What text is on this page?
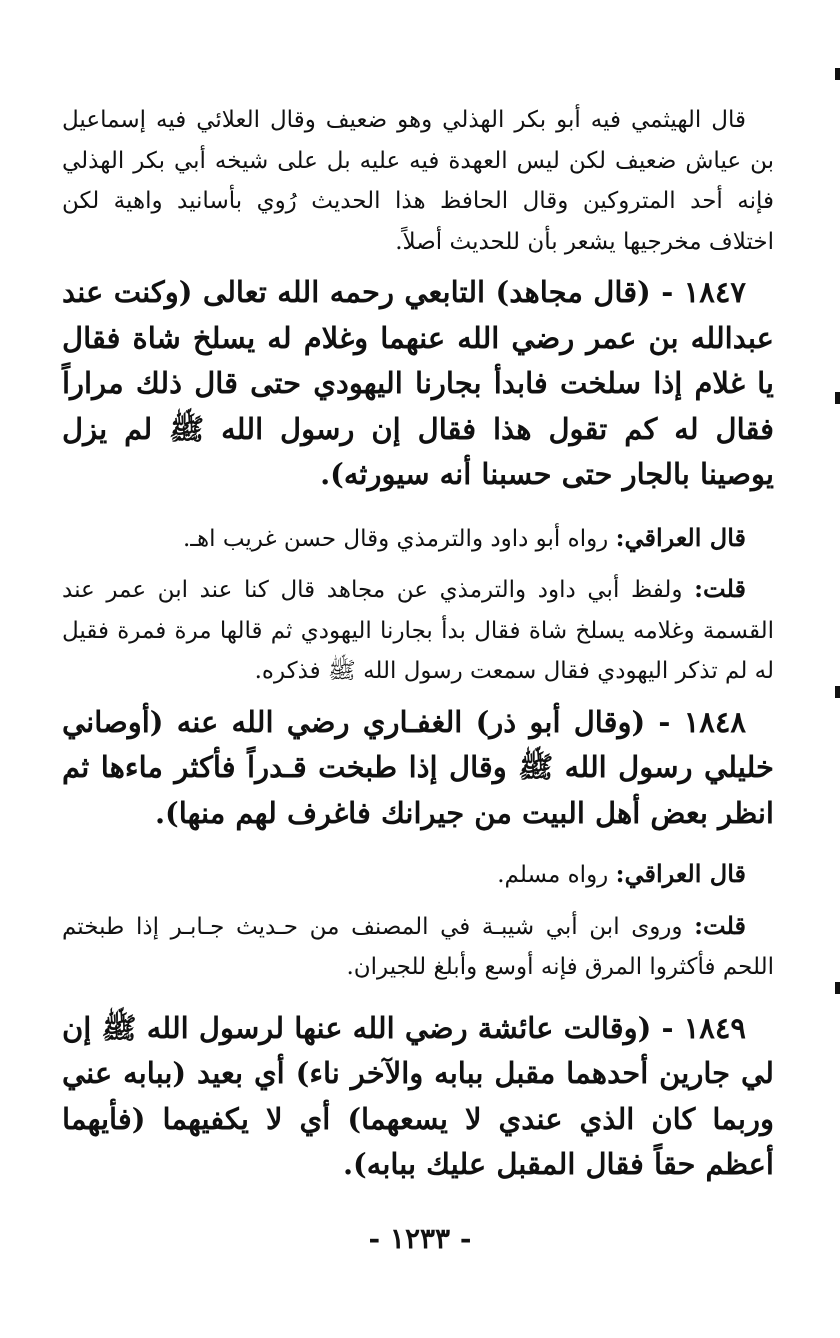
قال الهيثمي فيه أبو بكر الهذلي وهو ضعيف وقال العلائي فيه إسماعيل بن عياش ضعيف لكن ليس العهدة فيه عليه بل على شيخه أبي بكر الهذلي فإنه أحد المتروكين وقال الحافظ هذا الحديث رُوي بأسانيد واهية لكن اختلاف مخرجيها يشعر بأن للحديث أصلاً.

١٨٤٧ - (قال مجاهد) التابعي رحمه الله تعالى (وكنت عند عبدالله بن عمر رضي الله عنهما وغلام له يسلخ شاة فقال يا غلام إذا سلخت فابدأ بجارنا اليهودي حتى قال ذلك مراراً فقال له كم تقول هذا فقال إن رسول الله ﷺ لم يزل يوصينا بالجار حتى حسبنا أنه سيورثه).

قال العراقي: رواه أبو داود والترمذي وقال حسن غريب اهـ.

قلت: ولفظ أبي داود والترمذي عن مجاهد قال كنا عند ابن عمر عند القسمة وغلامه يسلخ شاة فقال بدأ بجارنا اليهودي ثم قالها مرة فمرة فقيل له لم تذكر اليهودي فقال سمعت رسول الله ﷺ فذكره.

١٨٤٨ - (وقال أبو ذر) الغفـاري رضي الله عنه (أوصاني خليلي رسول الله ﷺ وقال إذا طبخت قـدراً فأكثر ماءها ثم انظر بعض أهل البيت من جيرانك فاغرف لهم منها).

قال العراقي: رواه مسلم.

قلت: وروى ابن أبي شيبـة في المصنف من حـديث جـابـر إذا طبختم اللحم فأكثروا المرق فإنه أوسع وأبلغ للجيران.

١٨٤٩ - (وقالت عائشة رضي الله عنها لرسول الله ﷺ إن لي جارين أحدهما مقبل ببابه والآخر ناء) أي بعيد (ببابه عني وربما كان الذي عندي لا يسعهما) أي لا يكفيهما (فأيهما أعظم حقاً فقال المقبل عليك ببابه).

- ١٢٣٣ -
